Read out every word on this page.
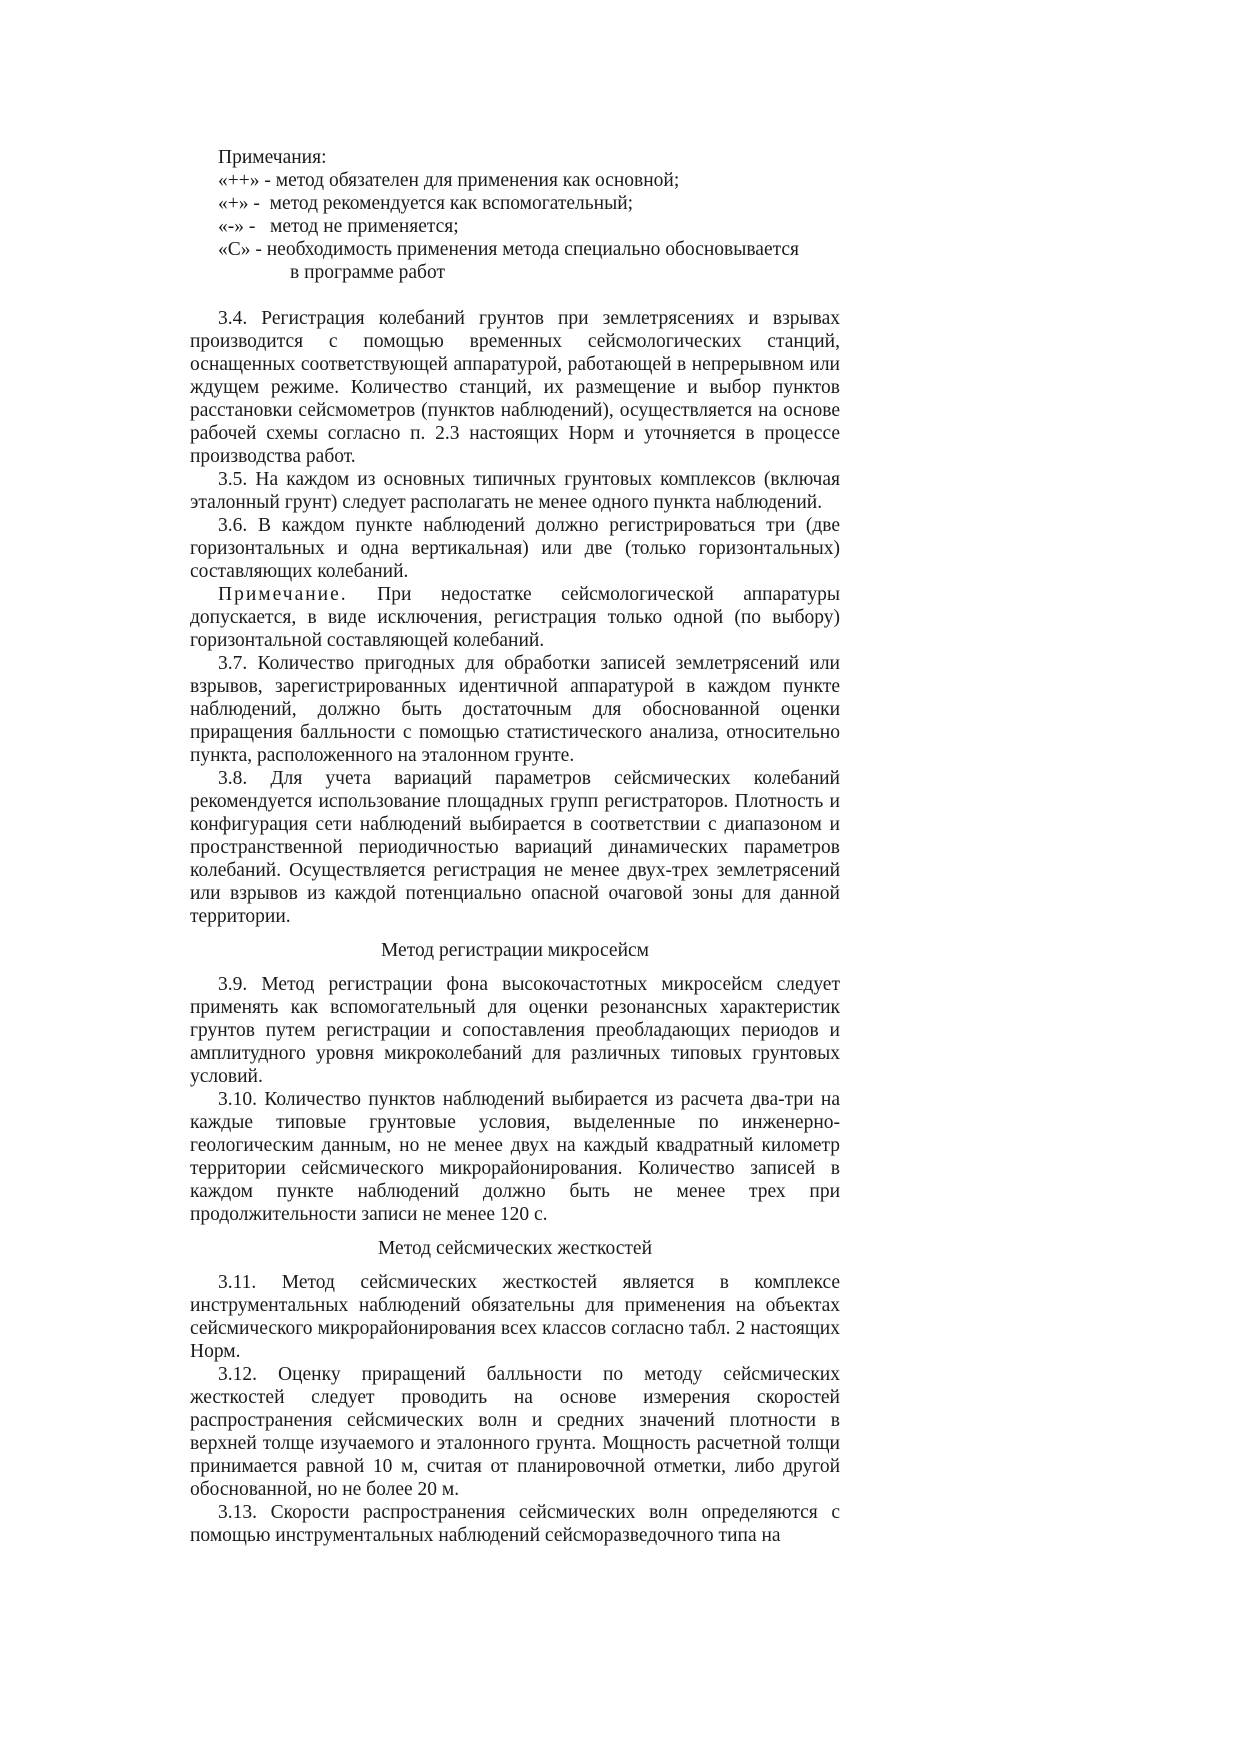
Примечания:
«++» - метод обязателен для применения как основной;
«+» -  метод рекомендуется как вспомогательный;
«-» -   метод не применяется;
«С» - необходимость применения метода специально обосновывается
в программе работ

3.4. Регистрация колебаний грунтов при землетрясениях и взрывах производится с помощью временных сейсмологических станций, оснащенных соответствующей аппаратурой, работающей в непрерывном или ждущем режиме. Количество станций, их размещение и выбор пунктов расстановки сейсмометров (пунктов наблюдений), осуществляется на основе рабочей схемы согласно п. 2.3 настоящих Норм и уточняется в процессе производства работ.

3.5. На каждом из основных типичных грунтовых комплексов (включая эталонный грунт) следует располагать не менее одного пункта наблюдений.

3.6. В каждом пункте наблюдений должно регистрироваться три (две горизонтальных и одна вертикальная) или две (только горизонтальных) составляющих колебаний.

Примечание. При недостатке сейсмологической аппаратуры допускается, в виде исключения, регистрация только одной (по выбору) горизонтальной составляющей колебаний.

3.7. Количество пригодных для обработки записей землетрясений или взрывов, зарегистрированных идентичной аппаратурой в каждом пункте наблюдений, должно быть достаточным для обоснованной оценки приращения балльности с помощью статистического анализа, относительно пункта, расположенного на эталонном грунте.

3.8. Для учета вариаций параметров сейсмических колебаний рекомендуется использование площадных групп регистраторов. Плотность и конфигурация сети наблюдений выбирается в соответствии с диапазоном и пространственной периодичностью вариаций динамических параметров колебаний. Осуществляется регистрация не менее двух-трех землетрясений или взрывов из каждой потенциально опасной очаговой зоны для данной территории.

Метод регистрации микросейсм

3.9. Метод регистрации фона высокочастотных микросейсм следует применять как вспомогательный для оценки резонансных характеристик грунтов путем регистрации и сопоставления преобладающих периодов и амплитудного уровня микроколебаний для различных типовых грунтовых условий.

3.10. Количество пунктов наблюдений выбирается из расчета два-три на каждые типовые грунтовые условия, выделенные по инженерно-геологическим данным, но не менее двух на каждый квадратный километр территории сейсмического микрорайонирования. Количество записей в каждом пункте наблюдений должно быть не менее трех при продолжительности записи не менее 120 с.

Метод сейсмических жесткостей

3.11. Метод сейсмических жесткостей является в комплексе инструментальных наблюдений обязательны для применения на объектах сейсмического микрорайонирования всех классов согласно табл. 2 настоящих Норм.

3.12. Оценку приращений балльности по методу сейсмических жесткостей следует проводить на основе измерения скоростей распространения сейсмических волн и средних значений плотности в верхней толще изучаемого и эталонного грунта. Мощность расчетной толщи принимается равной 10 м, считая от планировочной отметки, либо другой обоснованной, но не более 20 м.

3.13. Скорости распространения сейсмических волн определяются с помощью инструментальных наблюдений сейсморазведочного типа на
